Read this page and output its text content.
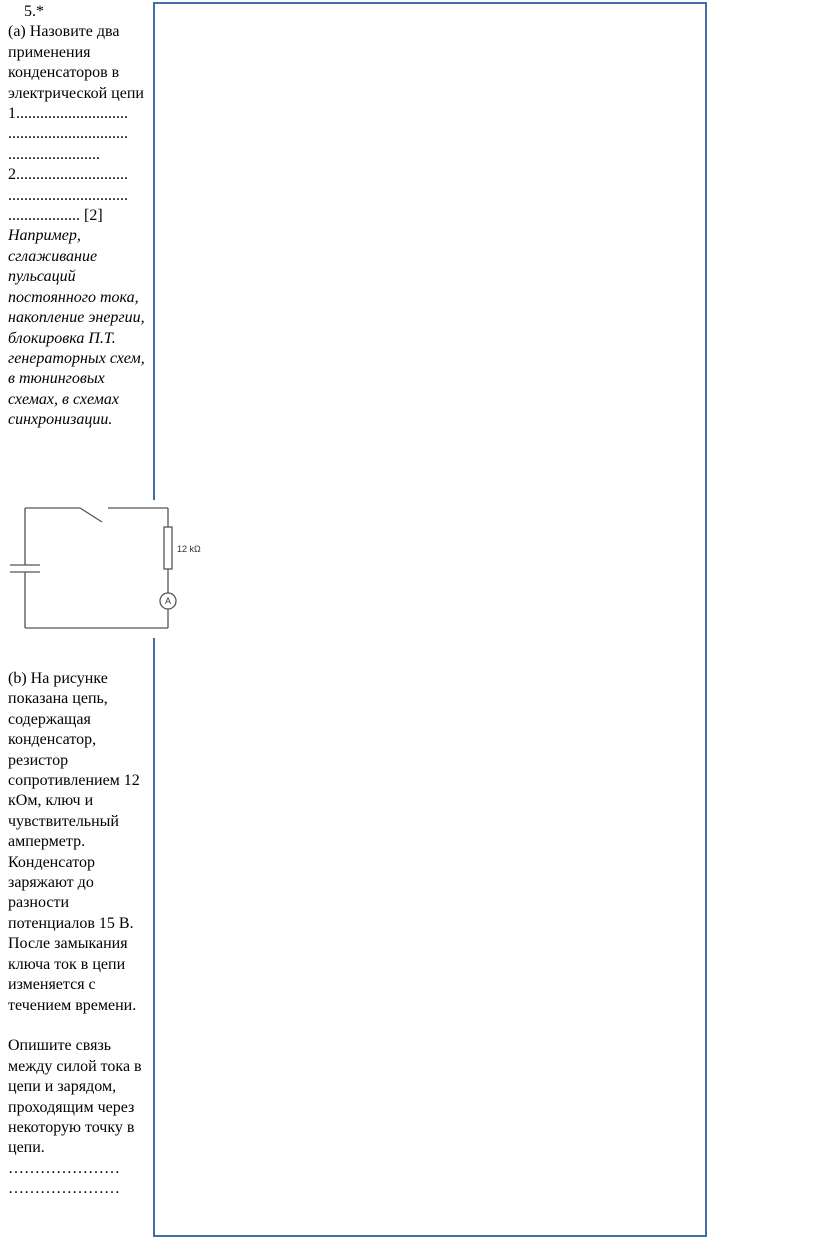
5.*

(a) Назовите два применения конденсаторов в электрической цепи

1............................

..............................

.......................

2............................

..............................

.................. [2]

Например, сглаживание пульсаций постоянного тока, накопление энергии, блокировка П.Т. генераторных схем, в тюнинговых схемах, в схемах синхронизации.

12 kΩ
A

(b) На рисунке показана цепь, содержащая конденсатор, резистор сопротивлением 12 кОм, ключ и чувствительный амперметр. Конденсатор заряжают до разности потенциалов 15 В.

После замыкания ключа ток в цепи изменяется с течением времени.

Опишите связь между силой тока в цепи и зарядом, проходящим через некоторую точку в цепи.

…………………

…………………
